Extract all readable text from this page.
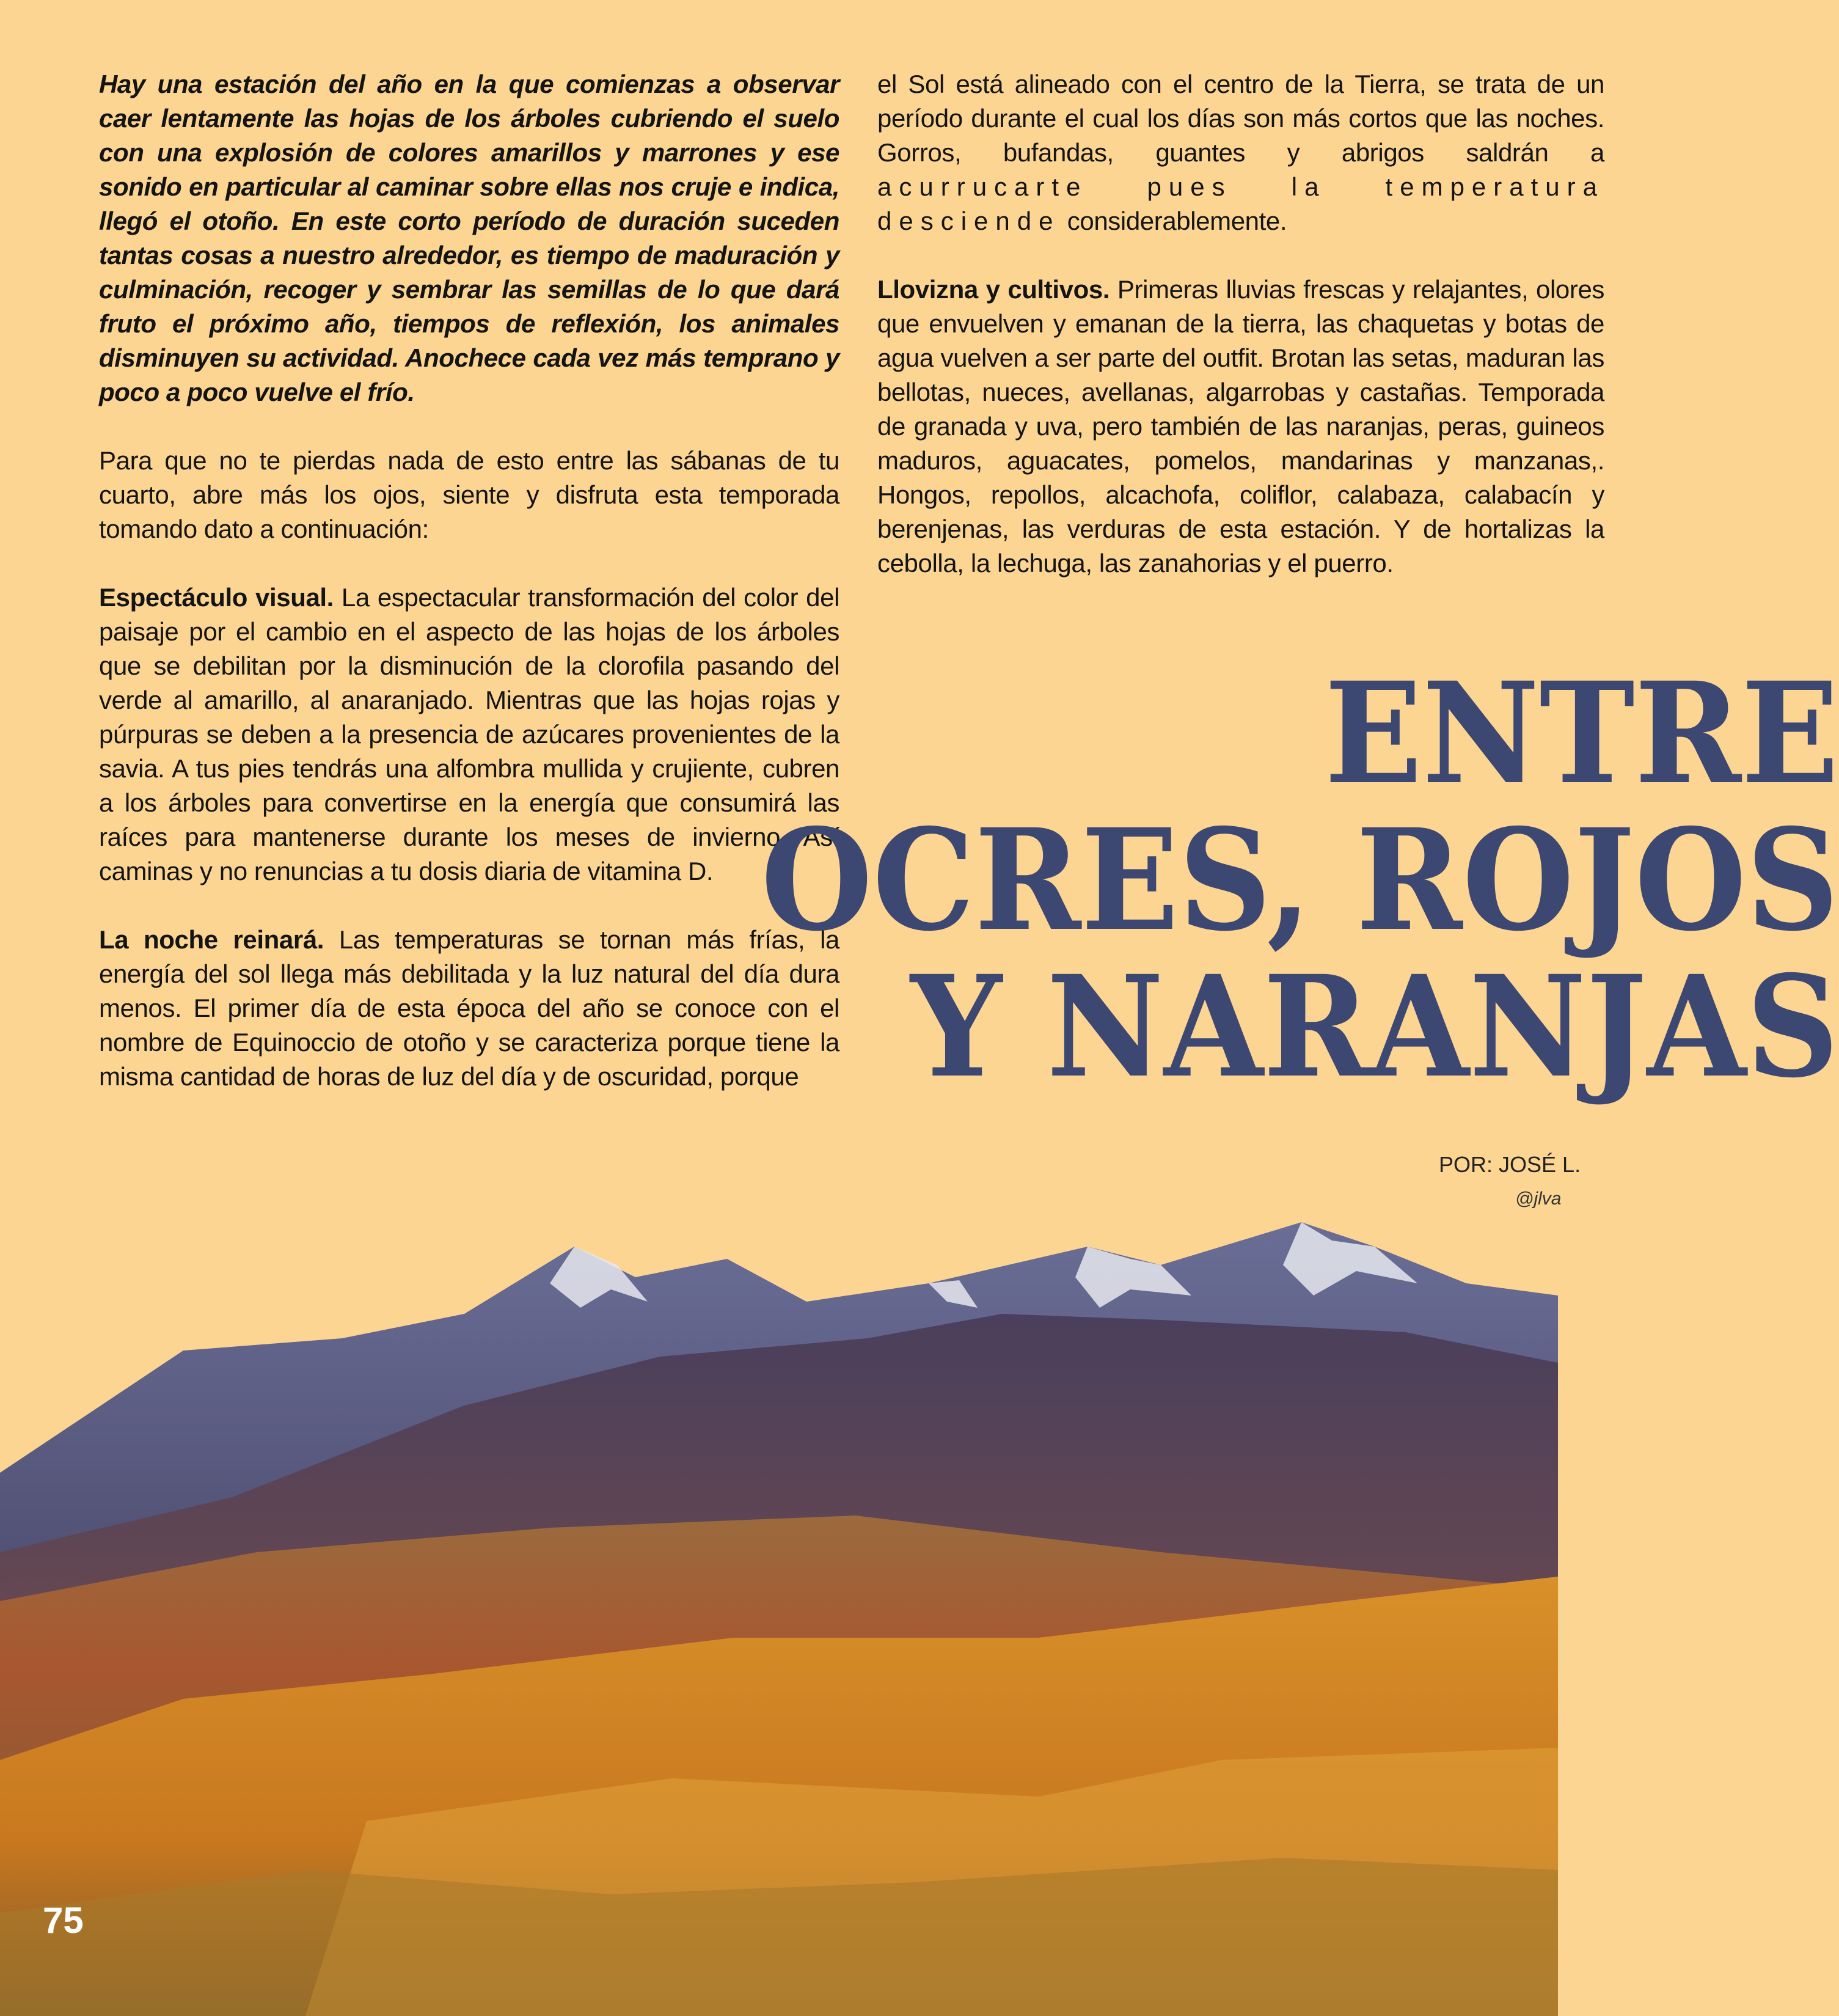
Hay una estación del año en la que comienzas a observar caer lentamente las hojas de los árboles cubriendo el suelo con una explosión de colores amarillos y marrones y ese sonido en particular al caminar sobre ellas nos cruje e indica, llegó el otoño. En este corto período de duración suceden tantas cosas a nuestro alrededor, es tiempo de maduración y culminación, recoger y sembrar las semillas de lo que dará fruto el próximo año, tiempos de reflexión, los animales disminuyen su actividad. Anochece cada vez más temprano y poco a poco vuelve el frío.

Para que no te pierdas nada de esto entre las sábanas de tu cuarto, abre más los ojos, siente y disfruta esta temporada tomando dato a continuación:

Espectáculo visual. La espectacular transformación del color del paisaje por el cambio en el aspecto de las hojas de los árboles que se debilitan por la disminución de la clorofila pasando del verde al amarillo, al anaranjado. Mientras que las hojas rojas y púrpuras se deben a la presencia de azúcares provenientes de la savia. A tus pies tendrás una alfombra mullida y crujiente, cubren a los árboles para convertirse en la energía que consumirá las raíces para mantenerse durante los meses de invierno. Así caminas y no renuncias a tu dosis diaria de vitamina D.

La noche reinará. Las temperaturas se tornan más frías, la energía del sol llega más debilitada y la luz natural del día dura menos. El primer día de esta época del año se conoce con el nombre de Equinoccio de otoño y se caracteriza porque tiene la misma cantidad de horas de luz del día y de oscuridad, porque

el Sol está alineado con el centro de la Tierra, se trata de un período durante el cual los días son más cortos que las noches. Gorros, bufandas, guantes y abrigos saldrán a acurrucarte pues la temperatura desciende considerablemente.

Llovizna y cultivos. Primeras lluvias frescas y relajantes, olores que envuelven y emanan de la tierra, las chaquetas y botas de agua vuelven a ser parte del outfit. Brotan las setas, maduran las bellotas, nueces, avellanas, algarrobas y castañas. Temporada de granada y uva, pero también de las naranjas, peras, guineos maduros, aguacates, pomelos, mandarinas y manzanas,. Hongos, repollos, alcachofa, coliflor, calabaza, calabacín y berenjenas, las verduras de esta estación. Y de hortalizas la cebolla, la lechuga, las zanahorias y el puerro.

ENTRE
OCRES, ROJOS
Y NARANJAS
POR: JOSÉ L.
@jlva
75
